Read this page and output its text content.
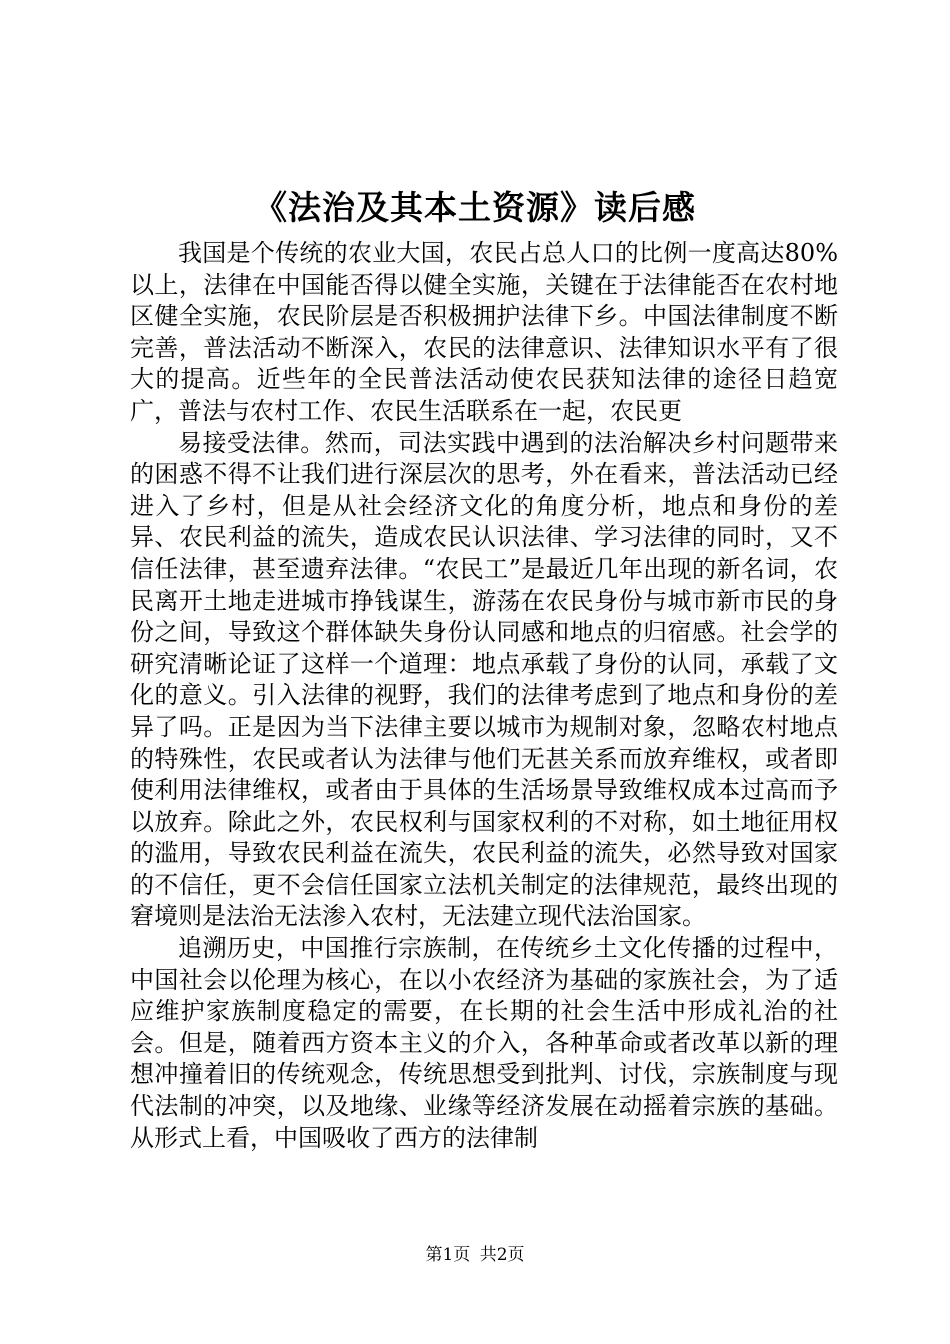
《法治及其本土资源》读后感

我国是个传统的农业大国，农民占总人口的比例一度高达80%以上，法律在中国能否得以健全实施，关键在于法律能否在农村地区健全实施，农民阶层是否积极拥护法律下乡。中国法律制度不断完善，普法活动不断深入，农民的法律意识、法律知识水平有了很大的提高。近些年的全民普法活动使农民获知法律的途径日趋宽广，普法与农村工作、农民生活联系在一起，农民更

易接受法律。然而，司法实践中遇到的法治解决乡村问题带来的困惑不得不让我们进行深层次的思考，外在看来，普法活动已经进入了乡村，但是从社会经济文化的角度分析，地点和身份的差异、农民利益的流失，造成农民认识法律、学习法律的同时，又不信任法律，甚至遗弃法律。“农民工”是最近几年出现的新名词，农民离开土地走进城市挣钱谋生，游荡在农民身份与城市新市民的身份之间，导致这个群体缺失身份认同感和地点的归宿感。社会学的研究清晰论证了这样一个道理：地点承载了身份的认同，承载了文化的意义。引入法律的视野，我们的法律考虑到了地点和身份的差异了吗。正是因为当下法律主要以城市为规制对象，忽略农村地点的特殊性，农民或者认为法律与他们无甚关系而放弃维权，或者即使利用法律维权，或者由于具体的生活场景导致维权成本过高而予以放弃。除此之外，农民权利与国家权利的不对称，如土地征用权的滥用，导致农民利益在流失，农民利益的流失，必然导致对国家的不信任，更不会信任国家立法机关制定的法律规范，最终出现的窘境则是法治无法渗入农村，无法建立现代法治国家。

追溯历史，中国推行宗族制，在传统乡土文化传播的过程中，中国社会以伦理为核心，在以小农经济为基础的家族社会，为了适应维护家族制度稳定的需要，在长期的社会生活中形成礼治的社会。但是，随着西方资本主义的介入，各种革命或者改革以新的理想冲撞着旧的传统观念，传统思想受到批判、讨伐，宗族制度与现代法制的冲突，以及地缘、业缘等经济发展在动摇着宗族的基础。从形式上看，中国吸收了西方的法律制

第1页 共2页
